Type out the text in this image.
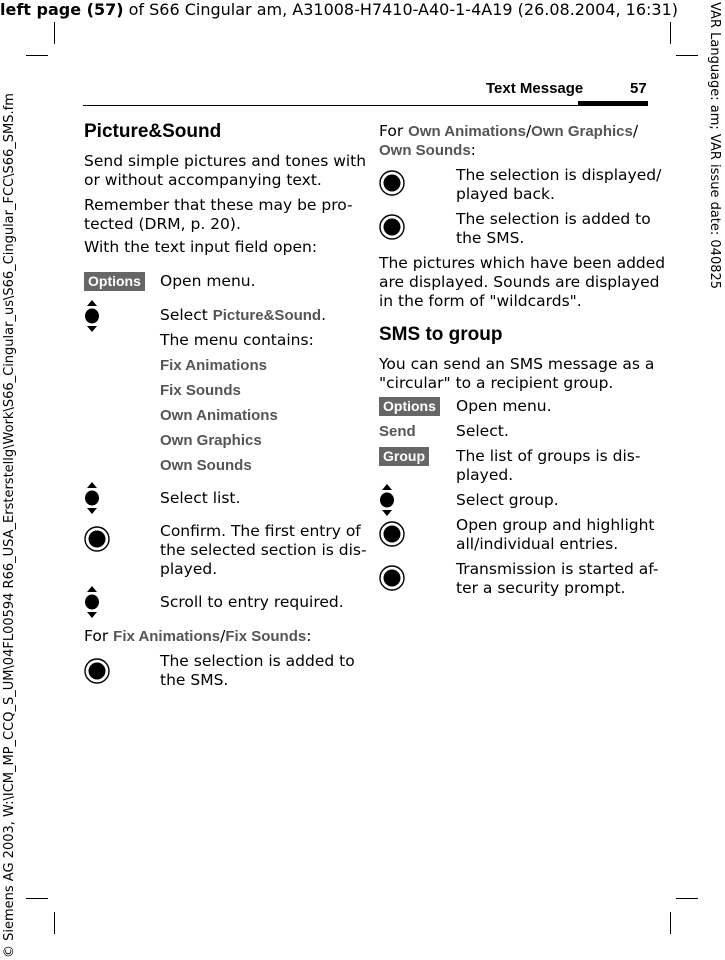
left page (57) of S66 Cingular am, A31008-H7410-A40-1-4A19 (26.08.2004, 16:31)
© Siemens AG 2003, W:\ICM_MP_CCQ_S_UM\04FL00594 R66_USA_Ersterstellg\Work\S66_Cingular_us\S66_Cingular_FCC\S66_SMS.fm	VAR Language: am; VAR issue date: 040825
Text Message	57
Picture&Sound
Send simple pictures and tones with
or without accompanying text.
Remember that these may be pro-
tected (DRM, p. 20).
With the text input field open:
Options Open menu.
Select Picture&Sound.
The menu contains:
Fix Animations
Fix Sounds
Own Animations
Own Graphics
Own Sounds
Select list.
Confirm. The first entry of
the selected section is dis-
played.
Scroll to entry required.
For Fix Animations/Fix Sounds:
The selection is added to
the SMS.
For Own Animations/Own Graphics/
Own Sounds:
The selection is displayed/
played back.
The selection is added to
the SMS.
The pictures which have been added
are displayed. Sounds are displayed
in the form of "wildcards".
SMS to group
You can send an SMS message as a
"circular" to a recipient group.
Options Open menu.
Send	Select.
Group The list of groups is dis-
played.
Select group.
Open group and highlight
all/individual entries.
Transmission is started af-
ter a security prompt.
